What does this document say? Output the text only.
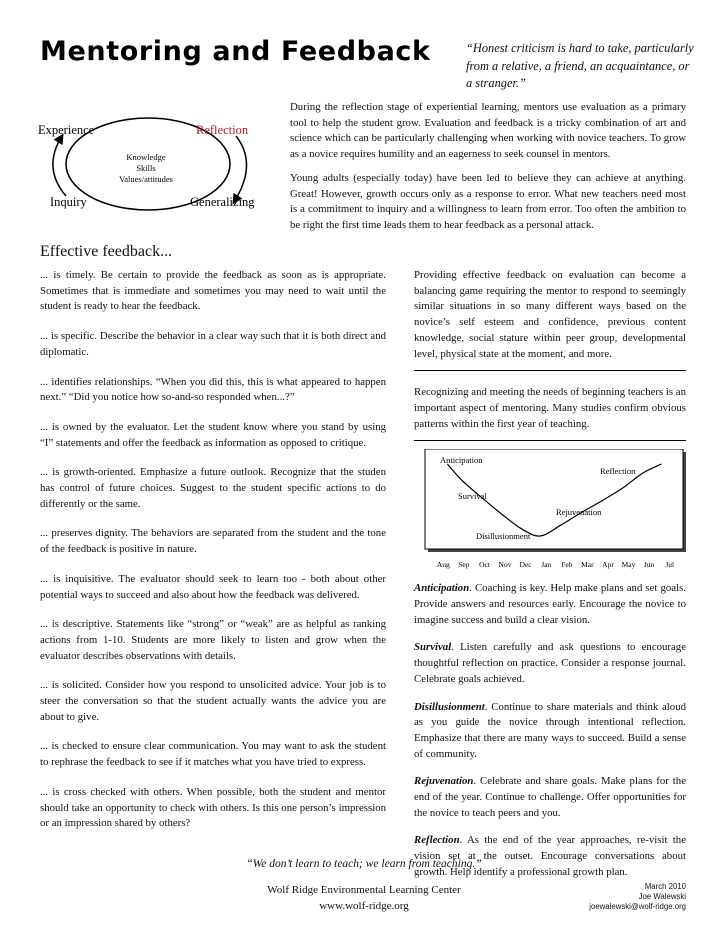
Mentoring and Feedback	“Honest criticism is hard to take, particularly from a relative, a friend, an acquaintance, or a stranger.”
Experience	Reflection
Inquiry	Generalizing
Knowledge
Skills
Values/attitudes

During the reflection stage of experiential learning, mentors use evaluation as a primary tool to help the student grow. Evaluation and feedback is a tricky combination of art and science which can be particularly challenging when working with novice teachers. To grow as a novice requires humility and an eagerness to seek counsel in mentors.

Young adults (especially today) have been led to believe they can achieve at anything. Great! However, growth occurs only as a response to error. What new teachers need most is a commitment to inquiry and a willingness to learn from error. Too often the ambition to be right the first time leads them to hear feedback as a personal attack.

Effective feedback...

... is timely. Be certain to provide the feedback as soon as is appropriate. Sometimes that is immediate and sometimes you may need to wait until the student is ready to hear the feedback.

... is specific. Describe the behavior in a clear way such that it is both direct and diplomatic.

... identifies relationships. “When you did this, this is what appeared to happen next.” “Did you notice how so-and-so responded when...?”

... is owned by the evaluator. Let the student know where you stand by using “I” statements and offer the feedback as information as opposed to critique.

... is growth-oriented. Emphasize a future outlook. Recognize that the studen has control of future choices. Suggest to the student specific actions to do differently or the same.

... preserves dignity. The behaviors are separated from the student and the tone of the feedback is positive in nature.

... is inquisitive. The evaluator should seek to learn too - both about other potential ways to succeed and also about how the feedback was delivered.

... is descriptive. Statements like “strong” or “weak” are as helpful as ranking actions from 1-10. Students are more likely to listen and grow when the evaluator describes observations with details.

... is solicited. Consider how you respond to unsolicited advice. Your job is to steer the conversation so that the student actually wants the advice you are about to give.

... is checked to ensure clear communication. You may want to ask the student to rephrase the feedback to see if it matches what you have tried to express.

... is cross checked with others. When possible, both the student and mentor should take an opportunity to check with others. Is this one person’s impression or an impression shared by others?

Providing effective feedback on evaluation can become a balancing game requiring the mentor to respond to seemingly similar situations in so many different ways based on the novice’s self esteem and confidence, previous content knowledge, social stature within peer group, developmental level, physical state at the moment, and more.

Recognizing and meeting the needs of beginning teachers is an important aspect of mentoring. Many studies confirm obvious patterns within the first year of teaching.

Anticipation
Survival
Disillusionment
Rejuvenation
Reflection
Aug Sep Oct Nov Dec Jan Feb Mar Apr May Jun Jul

Anticipation. Coaching is key. Help make plans and set goals. Provide answers and resources early. Encourage the novice to imagine success and build a clear vision.

Survival. Listen carefully and ask questions to encourage thoughtful reflection on practice. Consider a response journal. Celebrate goals achieved.

Disillusionment. Continue to share materials and think aloud as you guide the novice through intentional reflection. Emphasize that there are many ways to succeed. Build a sense of community.

Rejuvenation. Celebrate and share goals. Make plans for the end of the year. Continue to challenge. Offer opportunities for the novice to teach peers and you.

Reflection. As the end of the year approaches, re-visit the vision set at the outset. Encourage conversations about growth. Help identify a professional growth plan.

“We don’t learn to teach; we learn from teaching.”
Wolf Ridge Environmental Learning Center
www.wolf-ridge.org
March 2010
Joe Walewski
joewalewski@wolf-ridge.org
